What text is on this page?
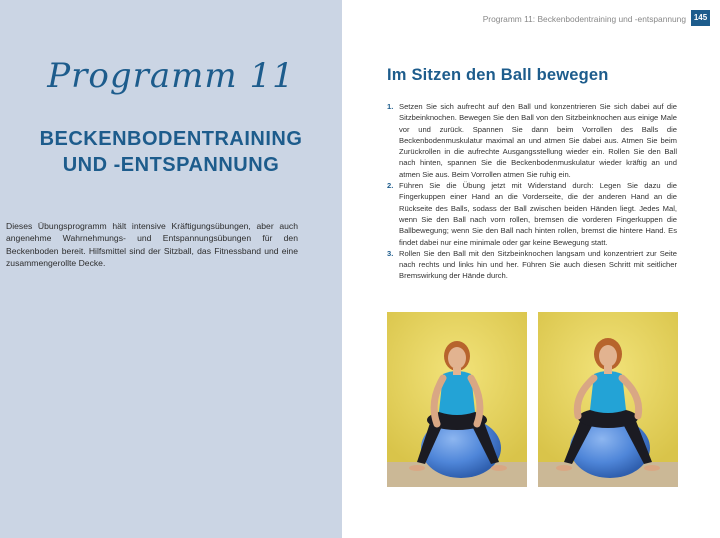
Programm 11
BECKENBODENTRAINING
UND -ENTSPANNUNG

Dieses Übungsprogramm hält intensive Kräftigungsübungen, aber auch angenehme Wahrnehmungs- und Entspannungsübungen für den Beckenboden bereit. Hilfsmittel sind der Sitzball, das Fitnessband und eine zusammengerollte Decke.

Programm 11: Beckenbodentraining und -entspannung 145
Im Sitzen den Ball bewegen
1. Setzen Sie sich aufrecht auf den Ball und konzentrieren Sie sich dabei auf die Sitzbeinknochen. Bewegen Sie den Ball von den Sitzbeinknochen aus einige Male vor und zurück. Spannen Sie dann beim Vorrollen des Balls die Beckenbodenmuskulatur maximal an und atmen Sie dabei aus. Atmen Sie beim Zurückrollen in die aufrechte Ausgangsstellung wieder ein. Rollen Sie den Ball nach hinten, spannen Sie die Beckenbodenmuskulatur wieder kräftig an und atmen Sie aus. Beim Vorrollen atmen Sie ruhig ein.
2. Führen Sie die Übung jetzt mit Widerstand durch: Legen Sie dazu die Fingerkuppen einer Hand an die Vorderseite, die der anderen Hand an die Rückseite des Balls, sodass der Ball zwischen beiden Händen liegt. Jedes Mal, wenn Sie den Ball nach vorn rollen, bremsen die vorderen Fingerkuppen die Ballbewegung; wenn Sie den Ball nach hinten rollen, bremst die hintere Hand. Es findet dabei nur eine minimale oder gar keine Bewegung statt.
3. Rollen Sie den Ball mit den Sitzbeinknochen langsam und konzentriert zur Seite nach rechts und links hin und her. Führen Sie auch diesen Schritt mit seitlicher Bremswirkung der Hände durch.
